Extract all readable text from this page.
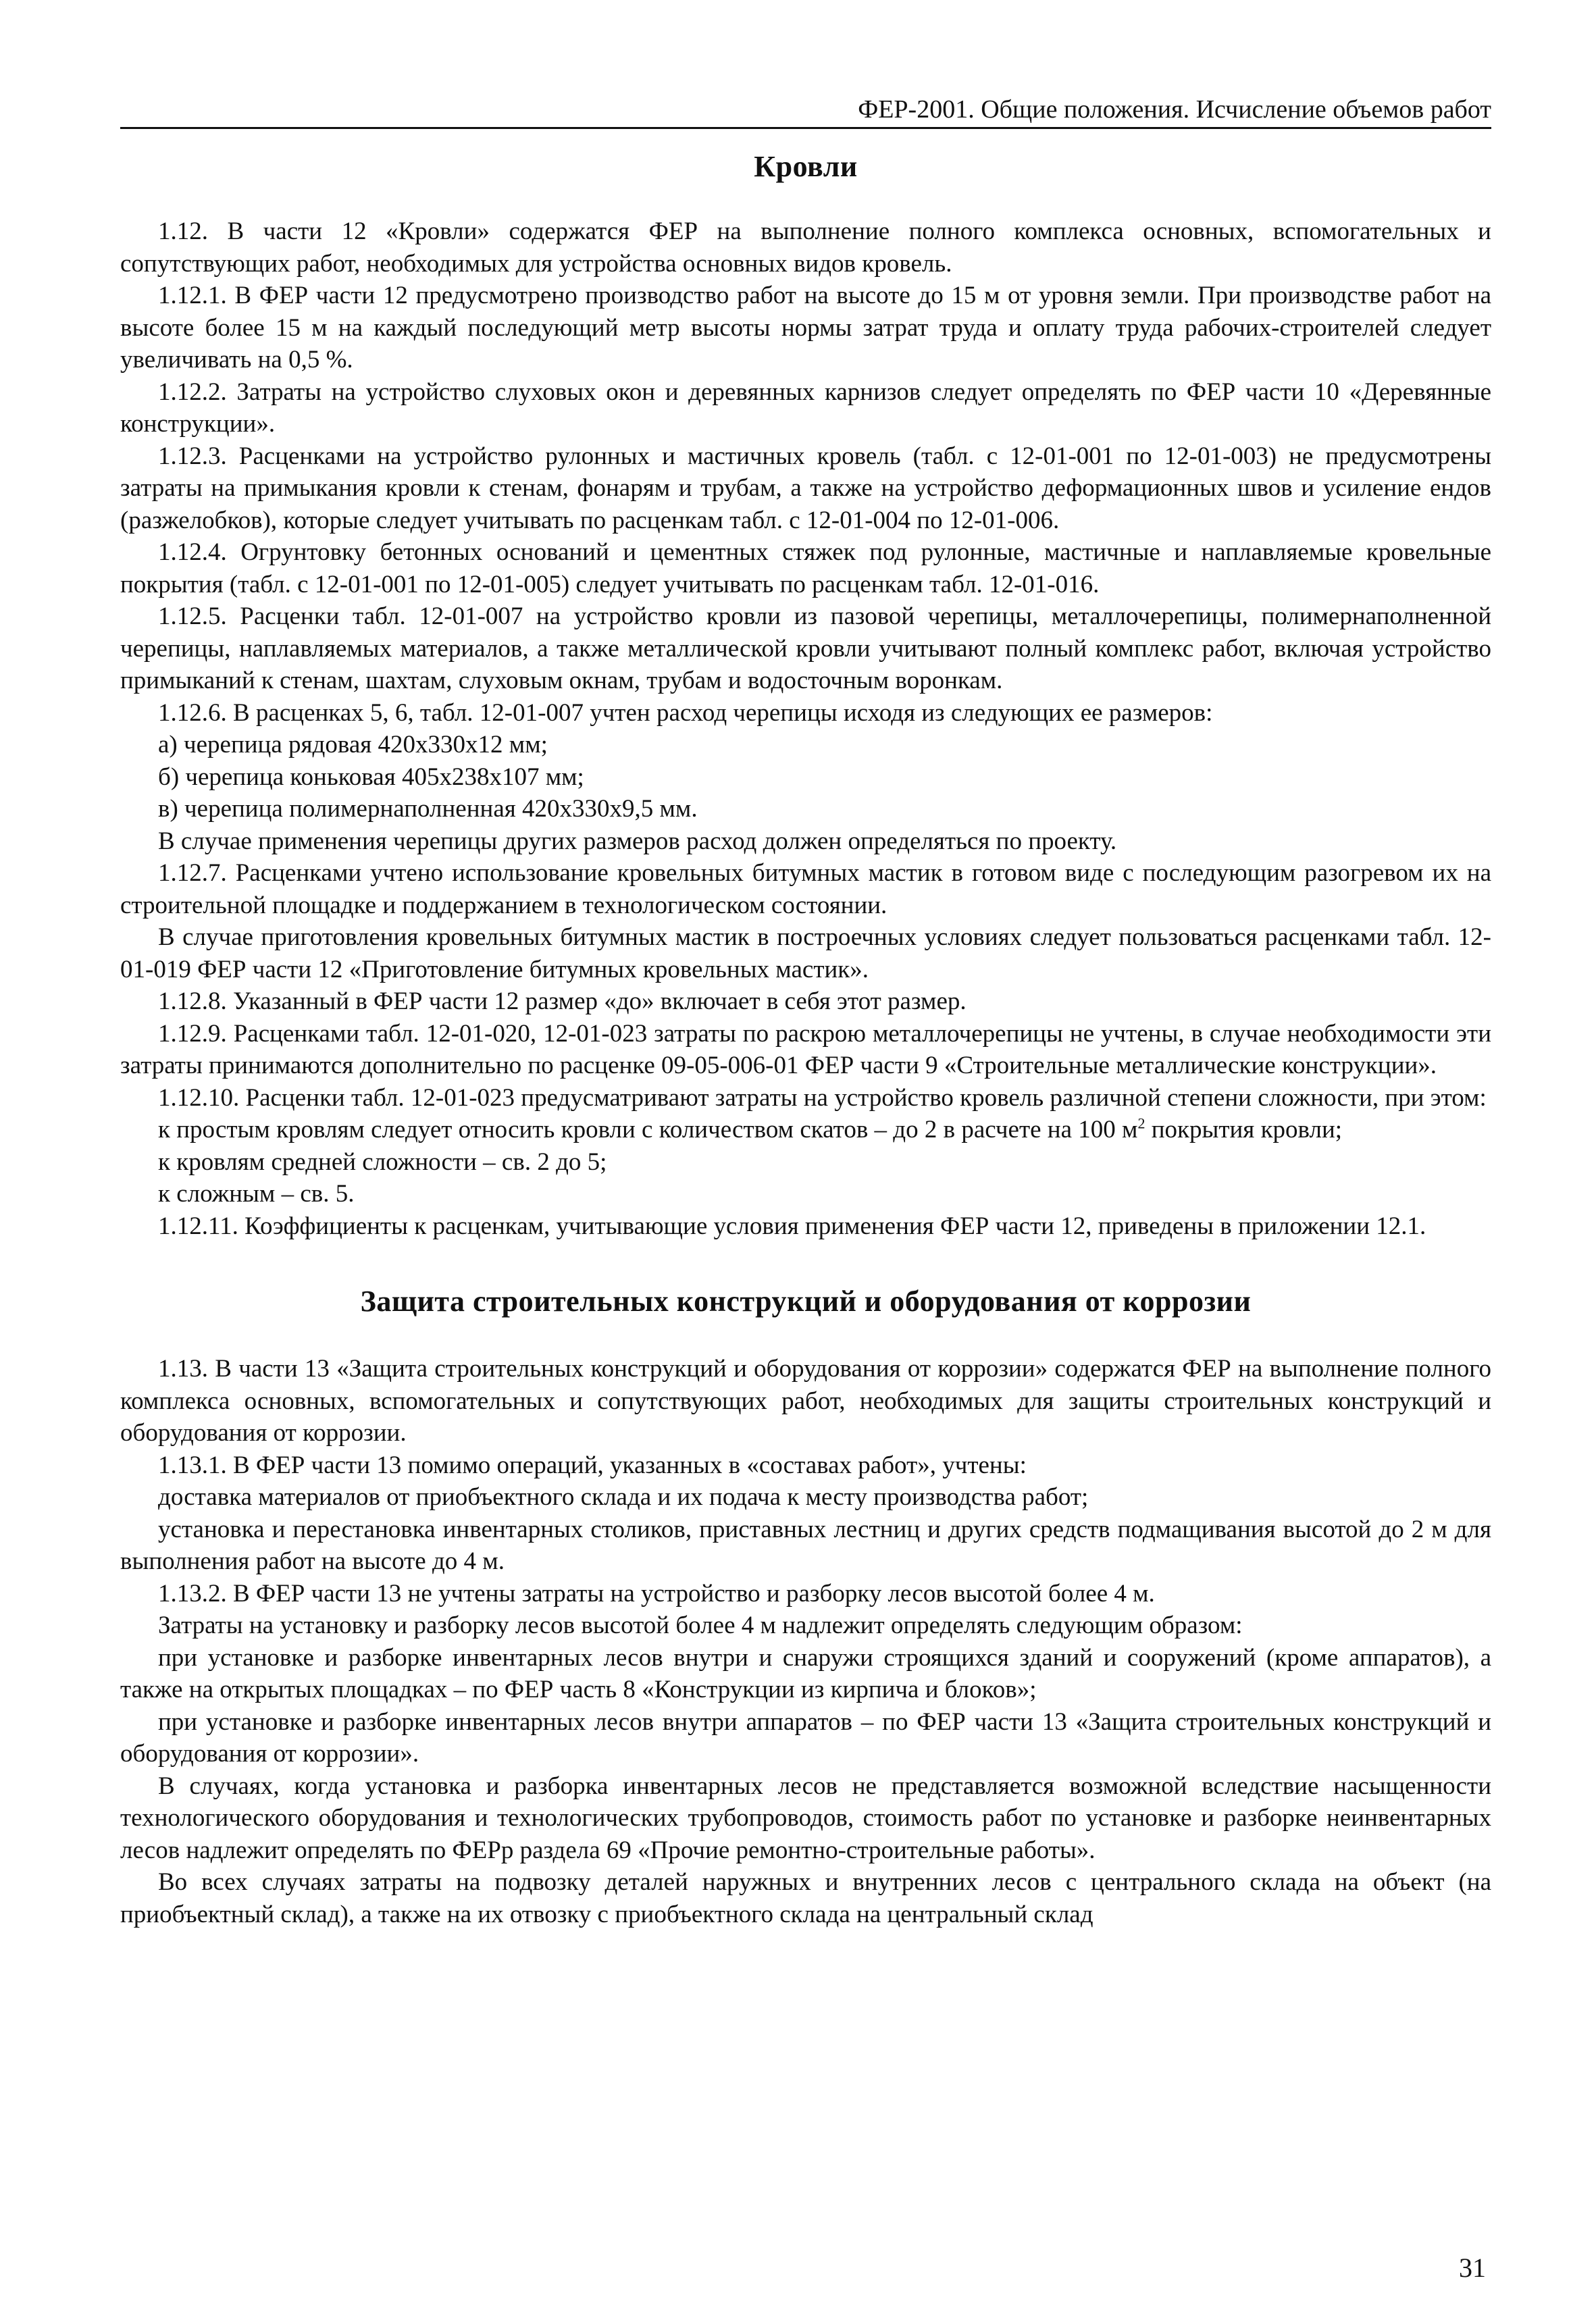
ФЕР-2001. Общие положения. Исчисление объемов работ
Кровли

1.12. В части 12 «Кровли» содержатся ФЕР на выполнение полного комплекса основных, вспомогательных и сопутствующих работ, необходимых для устройства основных видов кровель.

1.12.1. В ФЕР части 12 предусмотрено производство работ на высоте до 15 м от уровня земли. При производстве работ на высоте более 15 м на каждый последующий метр высоты нормы затрат труда и оплату труда рабочих-строителей следует увеличивать на 0,5 %.

1.12.2. Затраты на устройство слуховых окон и деревянных карнизов следует определять по ФЕР части 10 «Деревянные конструкции».

1.12.3. Расценками на устройство рулонных и мастичных кровель (табл. с 12-01-001 по 12-01-003) не предусмотрены затраты на примыкания кровли к стенам, фонарям и трубам, а также на устройство деформационных швов и усиление ендов (разжелобков), которые следует учитывать по расценкам табл. с 12-01-004 по 12-01-006.

1.12.4. Огрунтовку бетонных оснований и цементных стяжек под рулонные, мастичные и наплавляемые кровельные покрытия (табл. с 12-01-001 по 12-01-005) следует учитывать по расценкам табл. 12-01-016.

1.12.5. Расценки табл. 12-01-007 на устройство кровли из пазовой черепицы, металлочерепицы, полимернаполненной черепицы, наплавляемых материалов, а также металлической кровли учитывают полный комплекс работ, включая устройство примыканий к стенам, шахтам, слуховым окнам, трубам и водосточным воронкам.

1.12.6. В расценках 5, 6, табл. 12-01-007 учтен расход черепицы исходя из следующих ее размеров:

а) черепица рядовая 420х330х12 мм;

б) черепица коньковая 405х238х107 мм;

в) черепица полимернаполненная 420х330х9,5 мм.

В случае применения черепицы других размеров расход должен определяться по проекту.

1.12.7. Расценками учтено использование кровельных битумных мастик в готовом виде с последующим разогревом их на строительной площадке и поддержанием в технологическом состоянии.

В случае приготовления кровельных битумных мастик в построечных условиях следует пользоваться расценками табл. 12-01-019 ФЕР части 12 «Приготовление битумных кровельных мастик».

1.12.8. Указанный в ФЕР части 12 размер «до» включает в себя этот размер.

1.12.9. Расценками табл. 12-01-020, 12-01-023 затраты по раскрою металлочерепицы не учтены, в случае необходимости эти затраты принимаются дополнительно по расценке 09-05-006-01 ФЕР части 9 «Строительные металлические конструкции».

1.12.10. Расценки табл. 12-01-023 предусматривают затраты на устройство кровель различной степени сложности, при этом:

к простым кровлям следует относить кровли с количеством скатов – до 2 в расчете на 100 $м^2$ покрытия кровли;

к кровлям средней сложности – св. 2 до 5;

к сложным – св. 5.

1.12.11. Коэффициенты к расценкам, учитывающие условия применения ФЕР части 12, приведены в приложении 12.1.

Защита строительных конструкций и оборудования от коррозии

1.13. В части 13 «Защита строительных конструкций и оборудования от коррозии» содержатся ФЕР на выполнение полного комплекса основных, вспомогательных и сопутствующих работ, необходимых для защиты строительных конструкций и оборудования от коррозии.

1.13.1. В ФЕР части 13 помимо операций, указанных в «составах работ», учтены:

доставка материалов от приобъектного склада и их подача к месту производства работ;

установка и перестановка инвентарных столиков, приставных лестниц и других средств подмащивания высотой до 2 м для выполнения работ на высоте до 4 м.

1.13.2. В ФЕР части 13 не учтены затраты на устройство и разборку лесов высотой более 4 м.

Затраты на установку и разборку лесов высотой более 4 м надлежит определять следующим образом:

при установке и разборке инвентарных лесов внутри и снаружи строящихся зданий и сооружений (кроме аппаратов), а также на открытых площадках – по ФЕР часть 8 «Конструкции из кирпича и блоков»;

при установке и разборке инвентарных лесов внутри аппаратов – по ФЕР части 13 «Защита строительных конструкций и оборудования от коррозии».

В случаях, когда установка и разборка инвентарных лесов не представляется возможной вследствие насыщенности технологического оборудования и технологических трубопроводов, стоимость работ по установке и разборке неинвентарных лесов надлежит определять по ФЕРр раздела 69 «Прочие ремонтно-строительные работы».

Во всех случаях затраты на подвозку деталей наружных и внутренних лесов с центрального склада на объект (на приобъектный склад), а также на их отвозку с приобъектного склада на центральный склад

31
